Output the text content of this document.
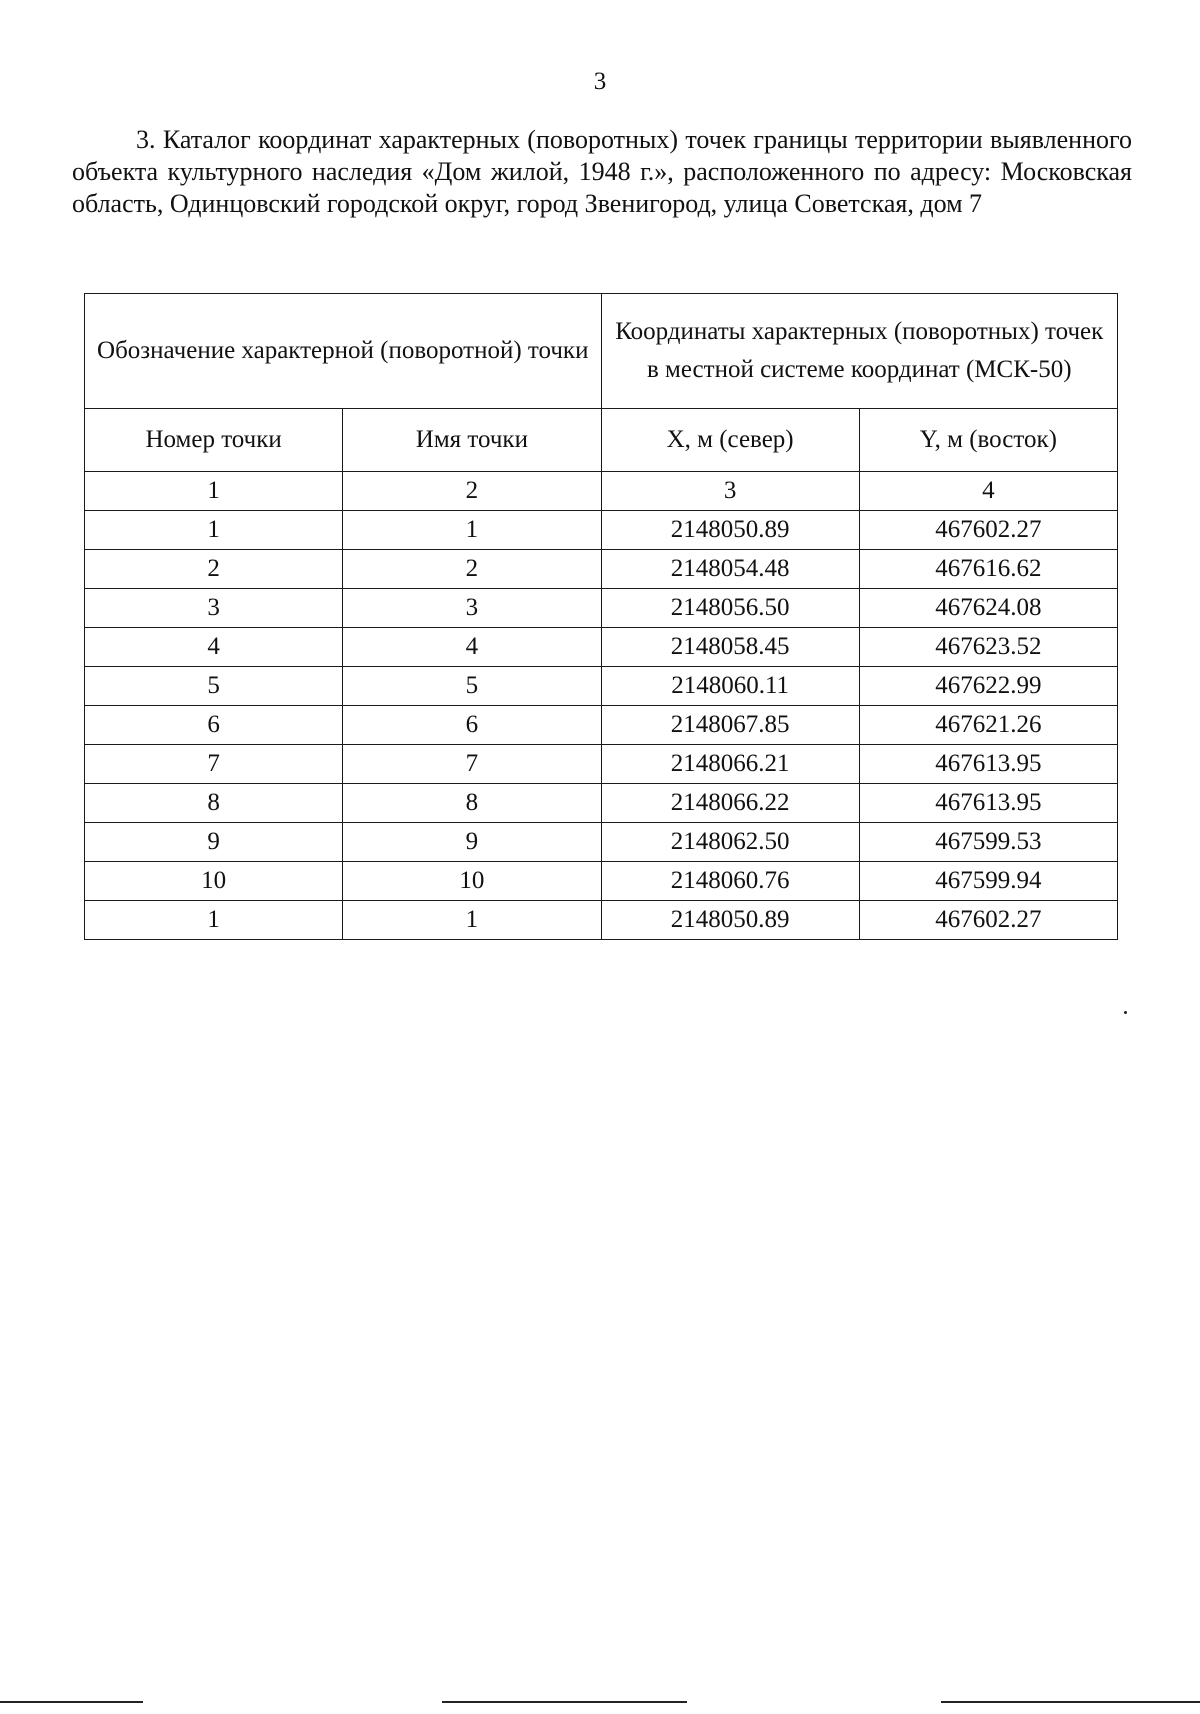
3

3. Каталог координат характерных (поворотных) точек границы территории выявленного объекта культурного наследия «Дом жилой, 1948 г.», расположенного по адресу: Московская область, Одинцовский городской округ, город Звенигород, улица Советская, дом 7

Обозначение характерной (поворотной) точки		Координаты характерных (поворотных) точек в местной системе координат (МСК-50)	
Номер точки	Имя точки	X, м (север)	Y, м (восток)
1	2	3	4
1	1	2148050.89	467602.27
2	2	2148054.48	467616.62
3	3	2148056.50	467624.08
4	4	2148058.45	467623.52
5	5	2148060.11	467622.99
6	6	2148067.85	467621.26
7	7	2148066.21	467613.95
8	8	2148066.22	467613.95
9	9	2148062.50	467599.53
10	10	2148060.76	467599.94
1	1	2148050.89	467602.27
